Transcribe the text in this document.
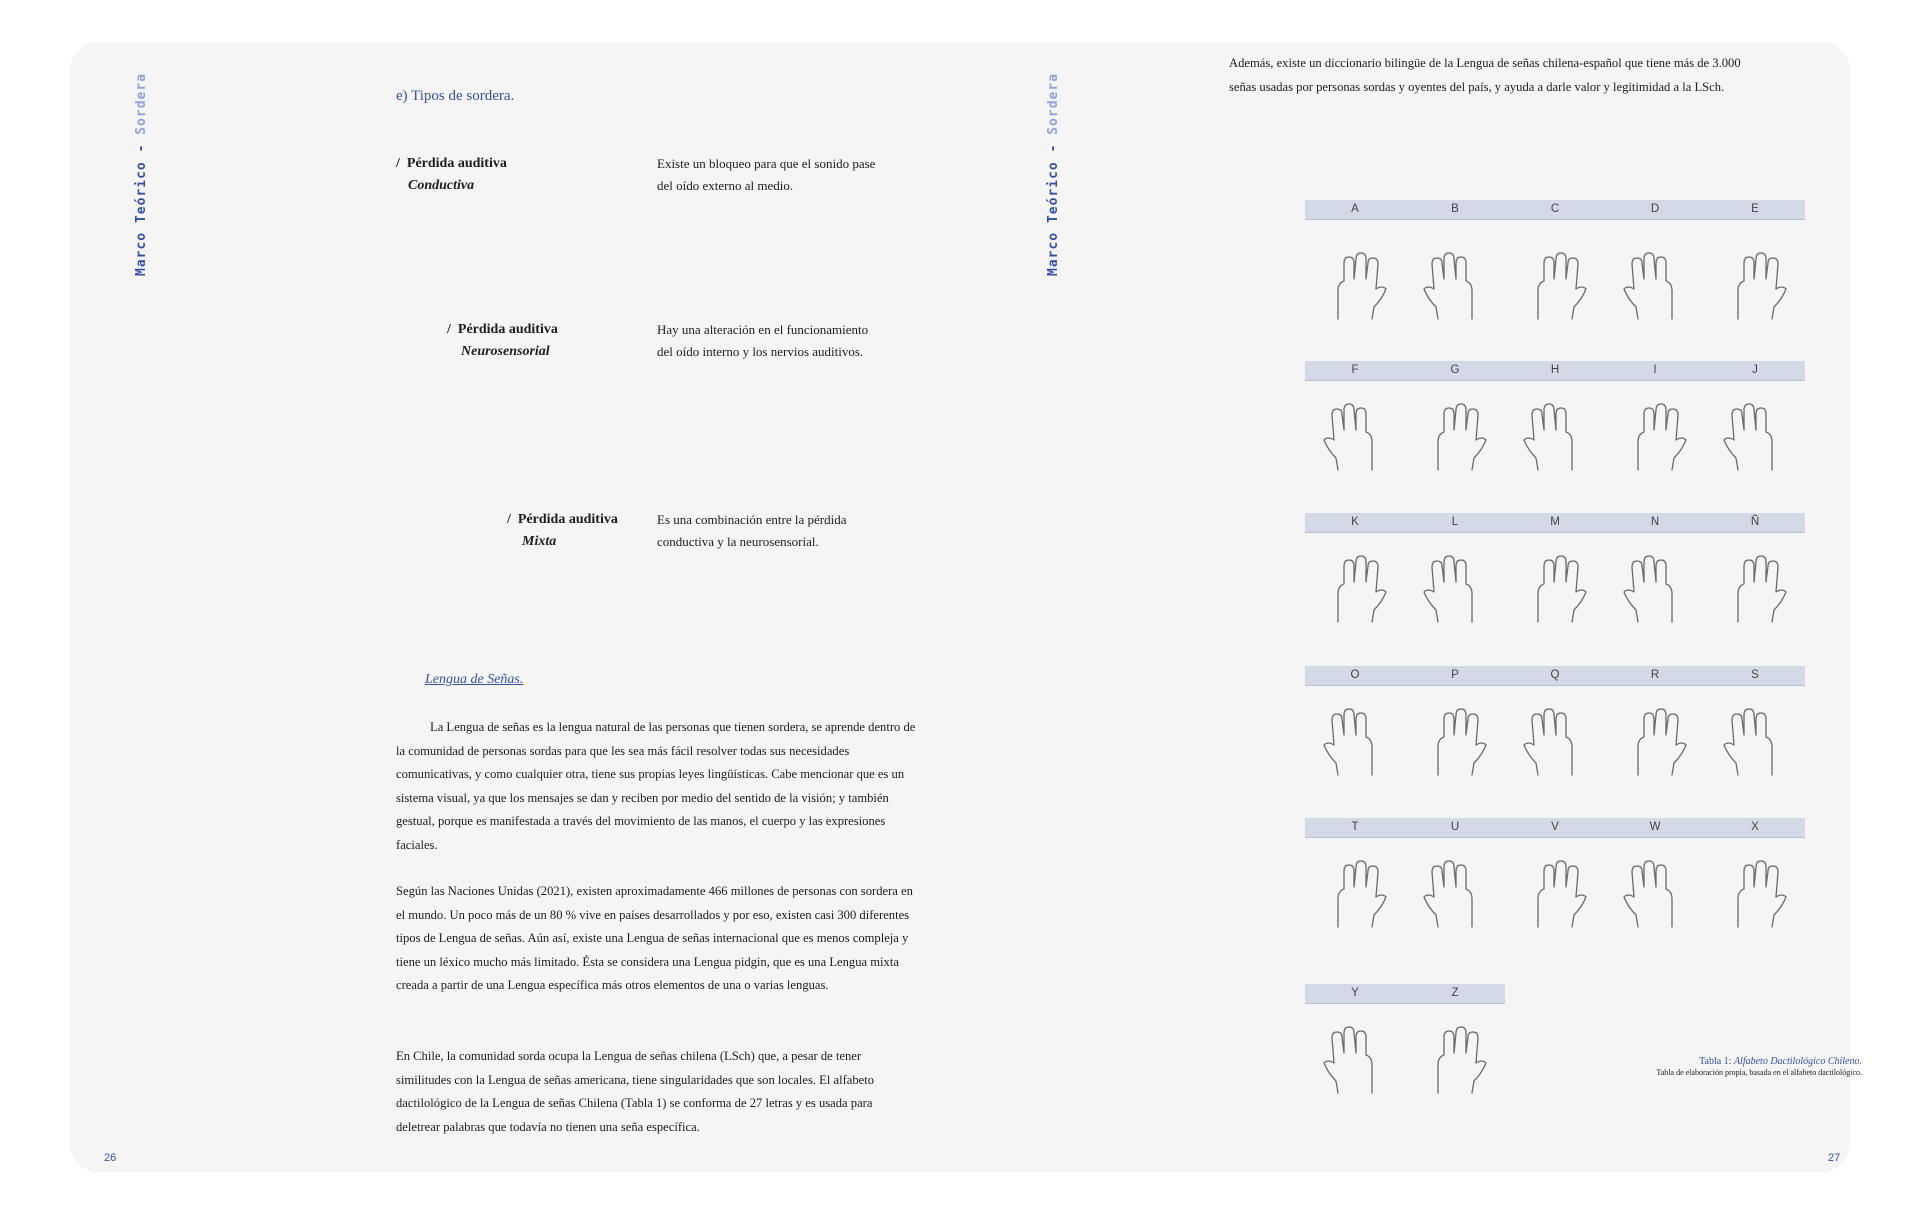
Marco Teórico - Sordera	e) Tipos de sordera.
/ Pérdida auditiva
Conductiva
Existe un bloqueo para que el sonido pase del oído externo al medio.
/ Pérdida auditiva
Neurosensorial
Hay una alteración en el funcionamiento del oído interno y los nervios auditivos.
/ Pérdida auditiva
Mixta
Es una combinación entre la pérdida conductiva y la neurosensorial.
Lengua de Señas.

La Lengua de señas es la lengua natural de las personas que tienen sordera, se aprende dentro de la comunidad de personas sordas para que les sea más fácil resolver todas sus necesidades comunicativas, y como cualquier otra, tiene sus propias leyes lingüísticas. Cabe mencionar que es un sistema visual, ya que los mensajes se dan y reciben por medio del sentido de la visión; y también gestual, porque es manifestada a través del movimiento de las manos, el cuerpo y las expresiones faciales.

Según las Naciones Unidas (2021), existen aproximadamente 466 millones de personas con sordera en el mundo. Un poco más de un 80 % vive en países desarrollados y por eso, existen casi 300 diferentes tipos de Lengua de señas. Aún así, existe una Lengua de señas internacional que es menos compleja y tiene un léxico mucho más limitado. Ésta se considera una Lengua pidgin, que es una Lengua mixta creada a partir de una Lengua específica más otros elementos de una o varias lenguas.

En Chile, la comunidad sorda ocupa la Lengua de señas chilena (LSch) que, a pesar de tener similitudes con la Lengua de señas americana, tiene singularidades que son locales. El alfabeto dactilológico de la Lengua de señas Chilena (Tabla 1) se conforma de 27 letras y es usada para deletrear palabras que todavía no tienen una seña específica.

26
Marco Teórico - Sordera

Además, existe un diccionario bilingüe de la Lengua de señas chilena-español que tiene más de 3.000 señas usadas por personas sordas y oyentes del país, y ayuda a darle valor y legitimidad a la LSch.

A	B	C	D	E
F	G	H	I	J
K	L	M	N	Ñ
O	P	Q	R	S
T	U	V	W	X
Y	Z
Tabla 1: Alfabeto Dactilológico Chileno.
Tabla de elaboración propia, basada en el alfabeto dactilológico.
27
